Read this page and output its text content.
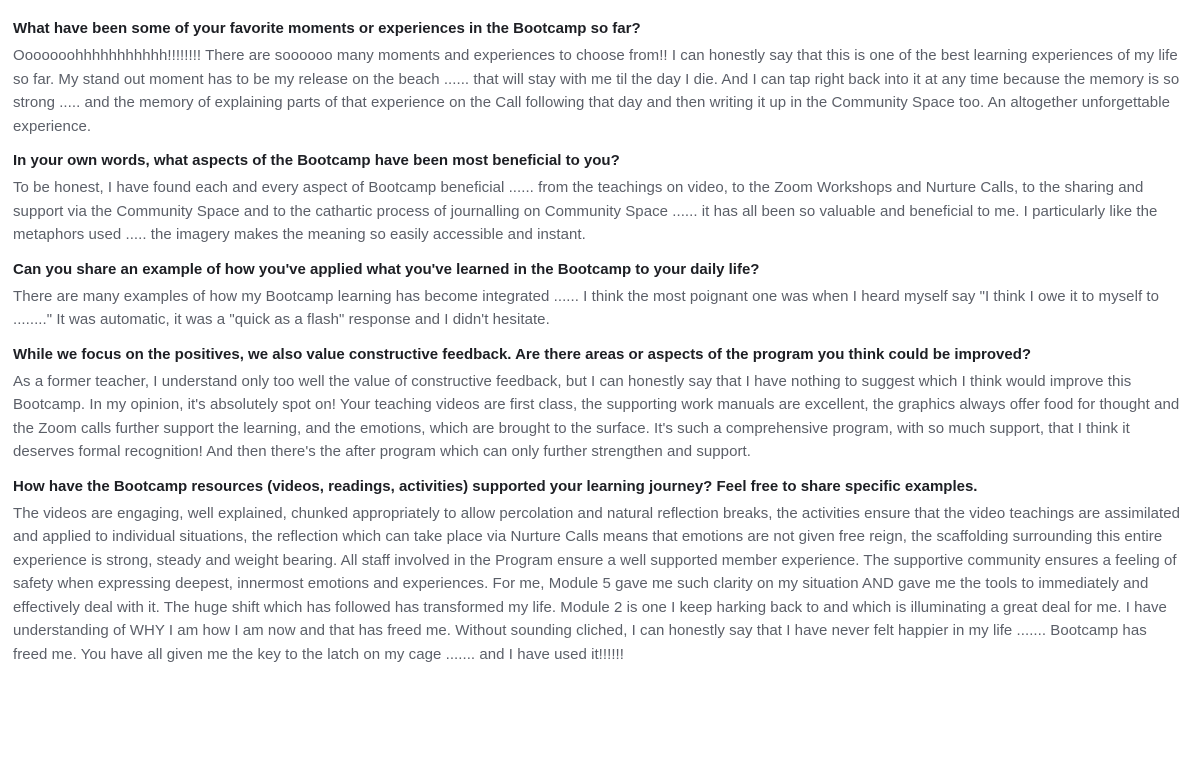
What have been some of your favorite moments or experiences in the Bootcamp so far?

Ooooooohhhhhhhhhhh!!!!!!!! There are soooooo many moments and experiences to choose from!! I can honestly say that this is one of the best learning experiences of my life so far. My stand out moment has to be my release on the beach ...... that will stay with me til the day I die. And I can tap right back into it at any time because the memory is so strong ..... and the memory of explaining parts of that experience on the Call following that day and then writing it up in the Community Space too. An altogether unforgettable experience.

In your own words, what aspects of the Bootcamp have been most beneficial to you?

To be honest, I have found each and every aspect of Bootcamp beneficial ...... from the teachings on video, to the Zoom Workshops and Nurture Calls, to the sharing and support via the Community Space and to the cathartic process of journalling on Community Space ...... it has all been so valuable and beneficial to me. I particularly like the metaphors used ..... the imagery makes the meaning so easily accessible and instant.

Can you share an example of how you've applied what you've learned in the Bootcamp to your daily life?

There are many examples of how my Bootcamp learning has become integrated ...... I think the most poignant one was when I heard myself say "I think I owe it to myself to ........" It was automatic, it was a "quick as a flash" response and I didn't hesitate.

While we focus on the positives, we also value constructive feedback. Are there areas or aspects of the program you think could be improved?

As a former teacher, I understand only too well the value of constructive feedback, but I can honestly say that I have nothing to suggest which I think would improve this Bootcamp. In my opinion, it's absolutely spot on! Your teaching videos are first class, the supporting work manuals are excellent, the graphics always offer food for thought and the Zoom calls further support the learning, and the emotions, which are brought to the surface. It's such a comprehensive program, with so much support, that I think it deserves formal recognition! And then there's the after program which can only further strengthen and support.

How have the Bootcamp resources (videos, readings, activities) supported your learning journey? Feel free to share specific examples.

The videos are engaging, well explained, chunked appropriately to allow percolation and natural reflection breaks, the activities ensure that the video teachings are assimilated and applied to individual situations, the reflection which can take place via Nurture Calls means that emotions are not given free reign, the scaffolding surrounding this entire experience is strong, steady and weight bearing. All staff involved in the Program ensure a well supported member experience. The supportive community ensures a feeling of safety when expressing deepest, innermost emotions and experiences. For me, Module 5 gave me such clarity on my situation AND gave me the tools to immediately and effectively deal with it. The huge shift which has followed has transformed my life. Module 2 is one I keep harking back to and which is illuminating a great deal for me. I have understanding of WHY I am how I am now and that has freed me. Without sounding cliched, I can honestly say that I have never felt happier in my life ....... Bootcamp has freed me. You have all given me the key to the latch on my cage ....... and I have used it!!!!!!
